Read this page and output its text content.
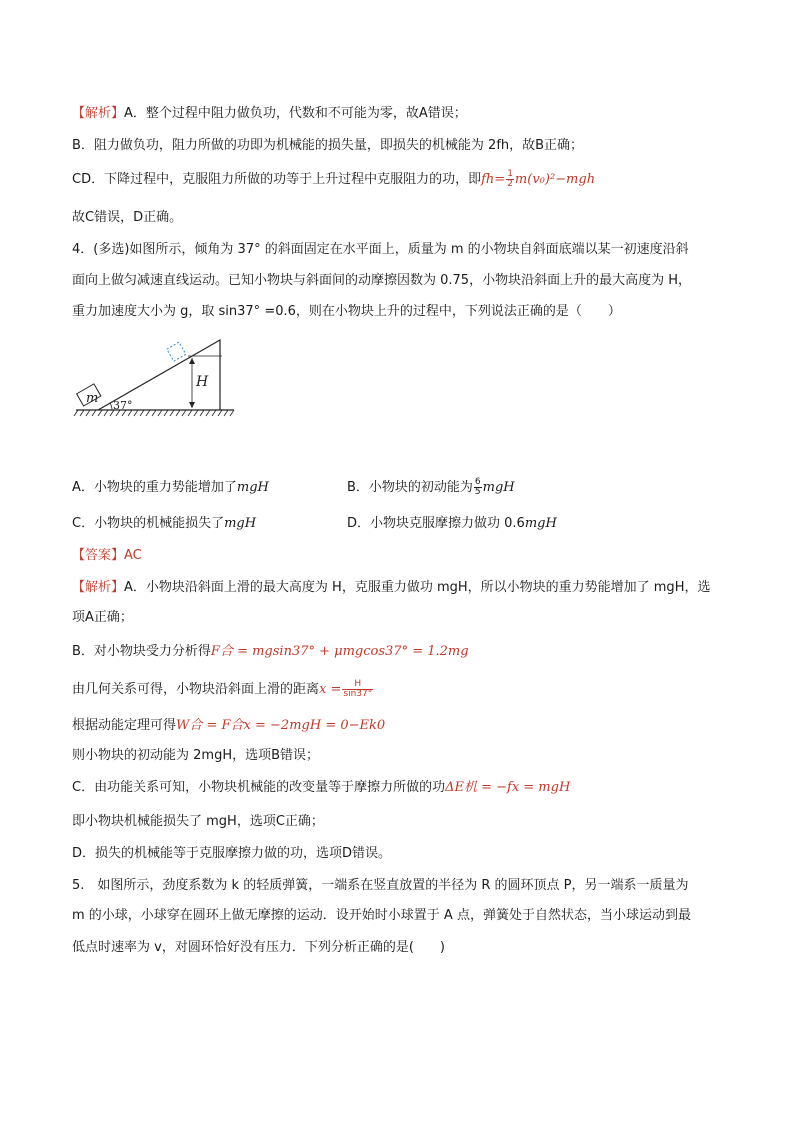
【解析】A．整个过程中阻力做负功，代数和不可能为零，故A错误；
B．阻力做负功，阻力所做的功即为机械能的损失量，即损失的机械能为 2fh，故B正确；
CD．下降过程中，克服阻力所做的功等于上升过程中克服阻力的功，即$fh= \frac{1}{2} m(v_0)^2-mgh$
故C错误，D正确。
4．(多选)如图所示，倾角为 37° 的斜面固定在水平面上，质量为 m 的小物块自斜面底端以某一初速度沿斜
面向上做匀减速直线运动。已知小物块与斜面间的动摩擦因数为 0.75，小物块沿斜面上升的最大高度为 H，
重力加速度大小为 g，取 sin37° =0.6，则在小物块上升的过程中，下列说法正确的是（　　）
m 37°
H
A．小物块的重力势能增加了mgH	B．小物块的初动能为 $\frac{6}{5}$ mgH
C．小物块的机械能损失了mgH	D．小物块克服摩擦力做功 0.6mgH
【答案】AC
【解析】A．小物块沿斜面上滑的最大高度为 H，克服重力做功 mgH，所以小物块的重力势能增加了 mgH，选
项A正确；
B．对小物块受力分析得F合 = mgsin37° + μmgcos37° = 1.2mg
由几何关系可得，小物块沿斜面上滑的距离$x = \frac{H}{\sin 37^\circ}$
根据动能定理可得W合 = F合x = −2mgH = 0−Ek0
则小物块的初动能为 2mgH，选项B错误；
C．由功能关系可知，小物块机械能的改变量等于摩擦力所做的功ΔE机 = −fx = mgH
即小物块机械能损失了 mgH，选项C正确；
D．损失的机械能等于克服摩擦力做的功，选项D错误。
5.　如图所示，劲度系数为 k 的轻质弹簧，一端系在竖直放置的半径为 R 的圆环顶点 P，另一端系一质量为
m 的小球，小球穿在圆环上做无摩擦的运动．设开始时小球置于 A 点，弹簧处于自然状态，当小球运动到最
低点时速率为 v，对圆环恰好没有压力．下列分析正确的是(　　)
